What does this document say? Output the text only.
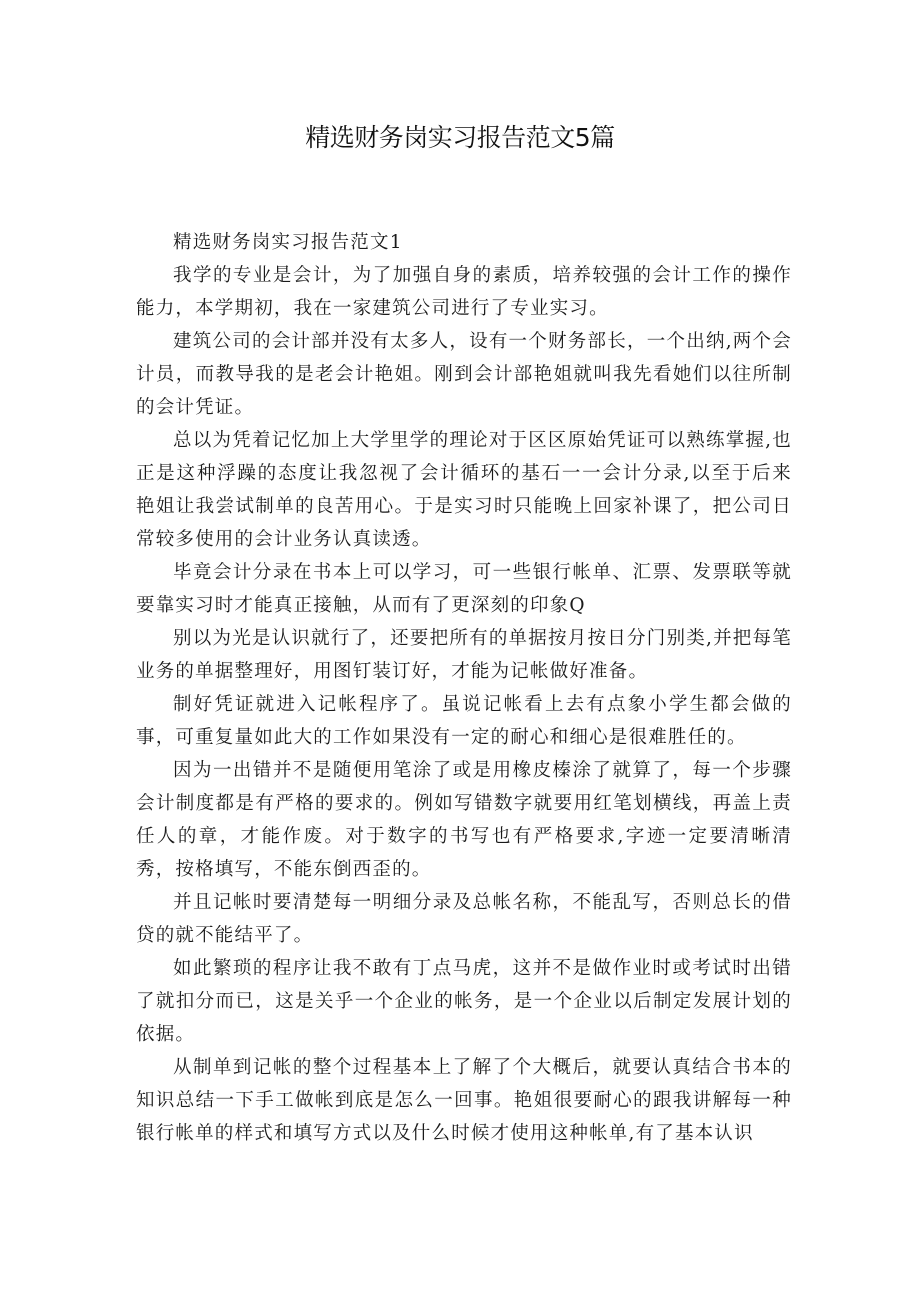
精选财务岗实习报告范文5篇

精选财务岗实习报告范文1

我学的专业是会计，为了加强自身的素质，培养较强的会计工作的操作能力，本学期初，我在一家建筑公司进行了专业实习。

建筑公司的会计部并没有太多人，设有一个财务部长，一个出纳,两个会计员，而教导我的是老会计艳姐。刚到会计部艳姐就叫我先看她们以往所制的会计凭证。

总以为凭着记忆加上大学里学的理论对于区区原始凭证可以熟练掌握,也正是这种浮躁的态度让我忽视了会计循环的基石一一会计分录,以至于后来艳姐让我尝试制单的良苦用心。于是实习时只能晚上回家补课了，把公司日常较多使用的会计业务认真读透。

毕竟会计分录在书本上可以学习，可一些银行帐单、汇票、发票联等就要靠实习时才能真正接触，从而有了更深刻的印象Q

别以为光是认识就行了，还要把所有的单据按月按日分门别类,并把每笔业务的单据整理好，用图钉装订好，才能为记帐做好准备。

制好凭证就进入记帐程序了。虽说记帐看上去有点象小学生都会做的事，可重复量如此大的工作如果没有一定的耐心和细心是很难胜任的。

因为一出错并不是随便用笔涂了或是用橡皮榛涂了就算了，每一个步骤会计制度都是有严格的要求的。例如写错数字就要用红笔划横线，再盖上责任人的章，才能作废。对于数字的书写也有严格要求,字迹一定要清晰清秀，按格填写，不能东倒西歪的。

并且记帐时要清楚每一明细分录及总帐名称，不能乱写，否则总长的借贷的就不能结平了。

如此繁琐的程序让我不敢有丁点马虎，这并不是做作业时或考试时出错了就扣分而已，这是关乎一个企业的帐务，是一个企业以后制定发展计划的依据。

从制单到记帐的整个过程基本上了解了个大概后，就要认真结合书本的知识总结一下手工做帐到底是怎么一回事。艳姐很要耐心的跟我讲解每一种银行帐单的样式和填写方式以及什么时候才使用这种帐单,有了基本认识
